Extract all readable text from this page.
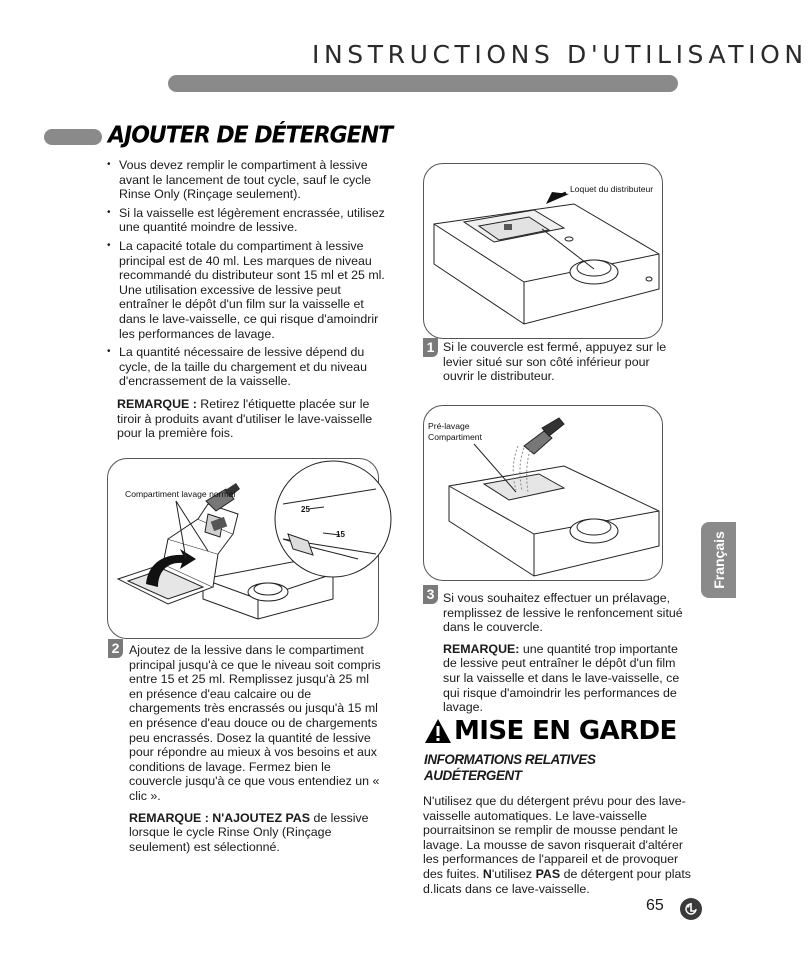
INSTRUCTIONS D'UTILISATION
AJOUTER DE DÉTERGENT
• Vous devez remplir le compartiment à lessive avant le lancement de tout cycle, sauf le cycle Rinse Only (Rinçage seulement).
• Si la vaisselle est légèrement encrassée, utilisez une quantité moindre de lessive.
• La capacité totale du compartiment à lessive principal est de 40 ml. Les marques de niveau recommandé du distributeur sont 15 ml et 25 ml. Une utilisation excessive de lessive peut entraîner le dépôt d'un film sur la vaisselle et dans le lave-vaisselle, ce qui risque d'amoindrir les performances de lavage.
• La quantité nécessaire de lessive dépend du cycle, de la taille du chargement et du niveau d'encrassement de la vaisselle.
REMARQUE : Retirez l'étiquette placée sur le tiroir à produits avant d'utiliser le lave-vaisselle pour la première fois.
Compartiment lavage normal
25
15
Loquet du distributeur
Pré-lavage
Compartiment
1 Si le couvercle est fermé, appuyez sur le levier situé sur son côté inférieur pour ouvrir le distributeur.

2 Ajoutez de la lessive dans le compartiment principal jusqu'à ce que le niveau soit compris entre 15 et 25 ml. Remplissez jusqu'à 25 ml en présence d'eau calcaire ou de chargements très encrassés ou jusqu'à 15 ml en présence d'eau douce ou de chargements peu encrassés. Dosez la quantité de lessive pour répondre au mieux à vos besoins et aux conditions de lavage. Fermez bien le couvercle jusqu'à ce que vous entendiez un « clic ».

REMARQUE : N'AJOUTEZ PAS de lessive lorsque le cycle Rinse Only (Rinçage seulement) est sélectionné.

3 Si vous souhaitez effectuer un prélavage, remplissez de lessive le renfoncement situé dans le couvercle.

REMARQUE: une quantité trop importante de lessive peut entraîner le dépôt d'un film sur la vaisselle et dans le lave-vaisselle, ce qui risque d'amoindrir les performances de lavage.

Français
MISE EN GARDE
INFORMATIONS RELATIVES
AUDÉTERGENT
N'utilisez que du détergent prévu pour des lave-vaisselle automatiques. Le lave-vaisselle pourraitsinon se remplir de mousse pendant le lavage. La mousse de savon risquerait d'altérer les performances de l'appareil et de provoquer des fuites. N'utilisez PAS de détergent pour plats d.licats dans ce lave-vaisselle.
65
